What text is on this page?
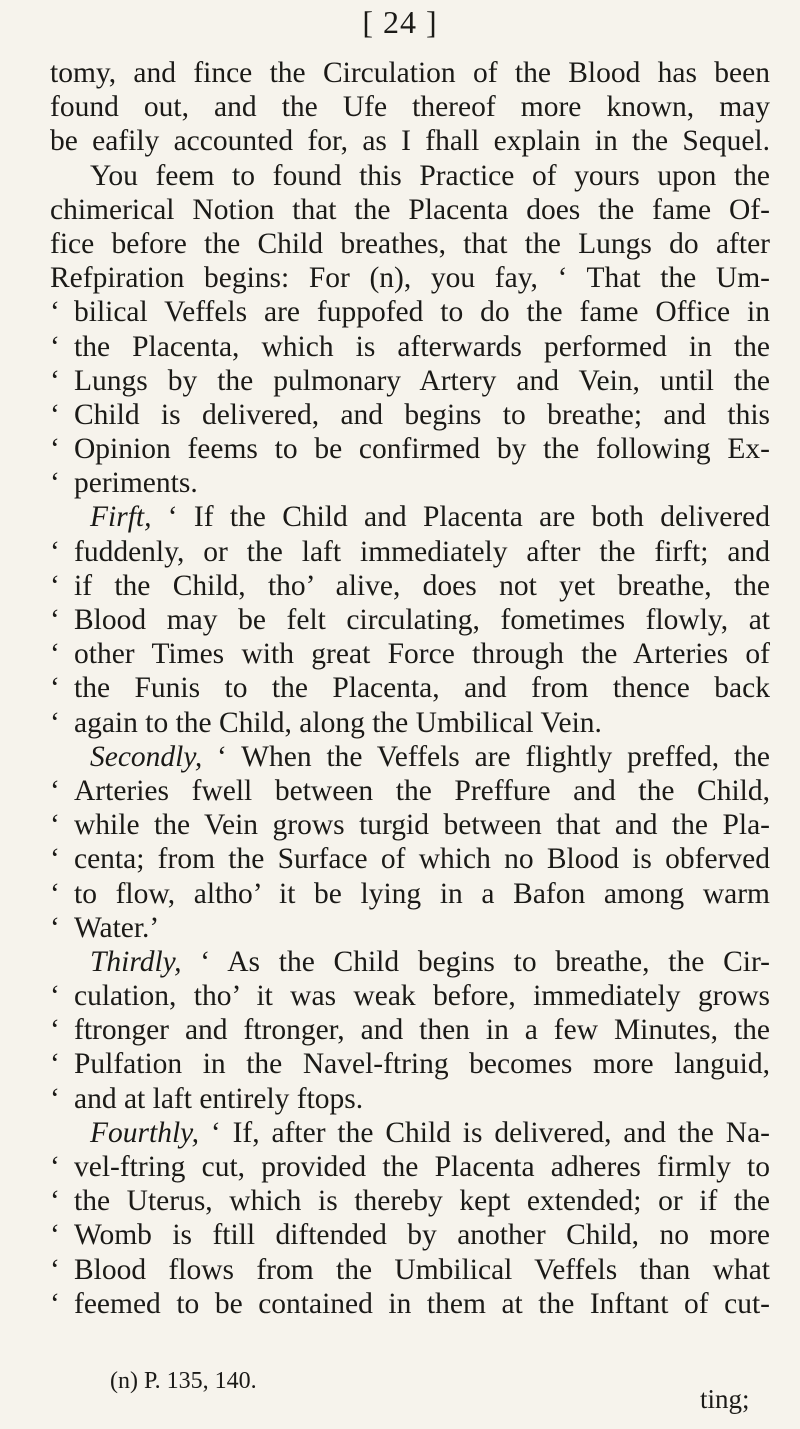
[ 24 ]
tomy, and fince the Circulation of the Blood has been
found out, and the Ufe thereof more known, may
be eafily accounted for, as I fhall explain in the Sequel.
You feem to found this Practice of yours upon the
chimerical Notion that the Placenta does the fame Of-
fice before the Child breathes, that the Lungs do after
Refpiration begins: For (n), you fay, ‘ That the Um-
‘ bilical Veffels are fuppofed to do the fame Office in
‘ the Placenta, which is afterwards performed in the
‘ Lungs by the pulmonary Artery and Vein, until the
‘ Child is delivered, and begins to breathe; and this
‘ Opinion feems to be confirmed by the following Ex-
‘ periments.
Firft, ‘ If the Child and Placenta are both delivered
‘ fuddenly, or the laft immediately after the firft; and
‘ if the Child, tho’ alive, does not yet breathe, the
‘ Blood may be felt circulating, fometimes flowly, at
‘ other Times with great Force through the Arteries of
‘ the Funis to the Placenta, and from thence back
‘ again to the Child, along the Umbilical Vein.
Secondly, ‘ When the Veffels are flightly preffed, the
‘ Arteries fwell between the Preffure and the Child,
‘ while the Vein grows turgid between that and the Pla-
‘ centa; from the Surface of which no Blood is obferved
‘ to flow, altho’ it be lying in a Bafon among warm
‘ Water.’
Thirdly, ‘ As the Child begins to breathe, the Cir-
‘ culation, tho’ it was weak before, immediately grows
‘ ftronger and ftronger, and then in a few Minutes, the
‘ Pulfation in the Navel-ftring becomes more languid,
‘ and at laft entirely ftops.
Fourthly, ‘ If, after the Child is delivered, and the Na-
‘ vel-ftring cut, provided the Placenta adheres firmly to
‘ the Uterus, which is thereby kept extended; or if the
‘ Womb is ftill diftended by another Child, no more
‘ Blood flows from the Umbilical Veffels than what
‘ feemed to be contained in them at the Inftant of cut-
(n) P. 135, 140.
ting;
